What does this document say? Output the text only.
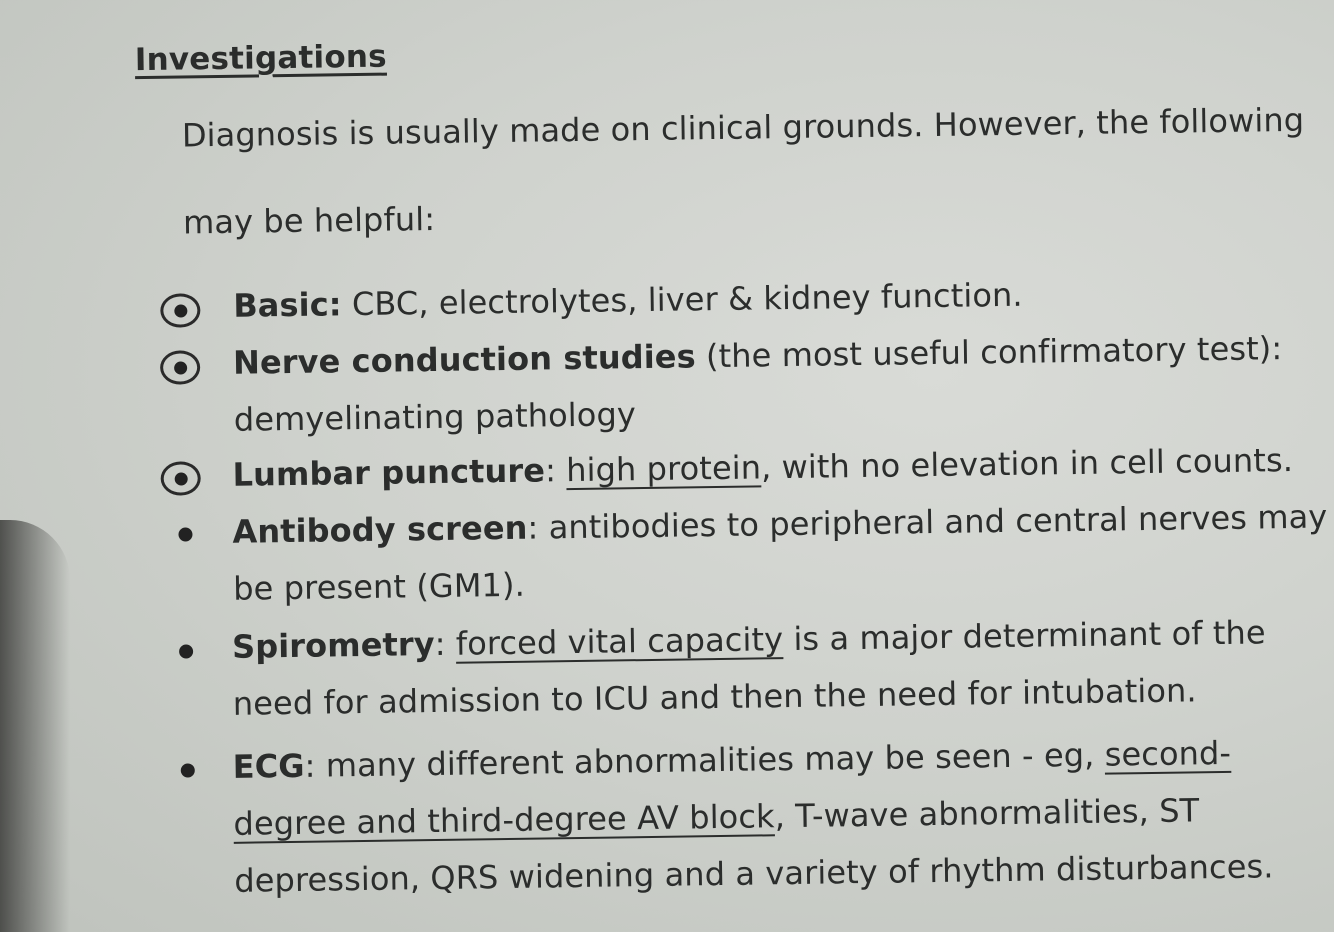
Investigations
Diagnosis is usually made on clinical grounds. However, the following
may be helpful:
Basic: CBC, electrolytes, liver & kidney function.
Nerve conduction studies (the most useful confirmatory test):
demyelinating pathology
Lumbar puncture: high protein, with no elevation in cell counts.
Antibody screen: antibodies to peripheral and central nerves may
be present (GM1).
Spirometry: forced vital capacity is a major determinant of the
need for admission to ICU and then the need for intubation.
ECG: many different abnormalities may be seen - eg, second-
degree and third-degree AV block, T-wave abnormalities, ST
depression, QRS widening and a variety of rhythm disturbances.
